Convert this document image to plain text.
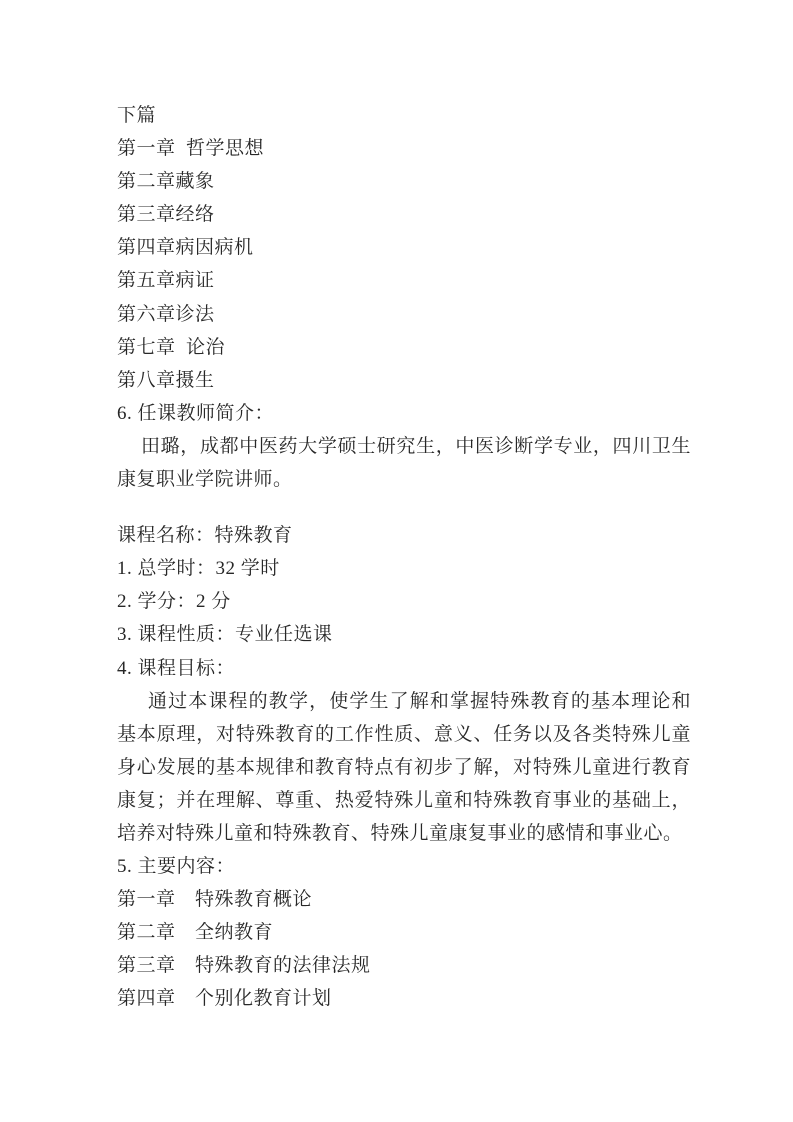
下篇

第一章  哲学思想

第二章藏象

第三章经络

第四章病因病机

第五章病证

第六章诊法

第七章  论治

第八章摄生

6. 任课教师简介：

田璐，成都中医药大学硕士研究生，中医诊断学专业，四川卫生康复职业学院讲师。

课程名称：特殊教育

1. 总学时：32 学时

2. 学分：2 分

3. 课程性质：专业任选课

4. 课程目标：

通过本课程的教学，使学生了解和掌握特殊教育的基本理论和基本原理，对特殊教育的工作性质、意义、任务以及各类特殊儿童身心发展的基本规律和教育特点有初步了解，对特殊儿童进行教育康复；并在理解、尊重、热爱特殊儿童和特殊教育事业的基础上，培养对特殊儿童和特殊教育、特殊儿童康复事业的感情和事业心。

5. 主要内容：

第一章　特殊教育概论

第二章　全纳教育

第三章　特殊教育的法律法规

第四章　个别化教育计划
